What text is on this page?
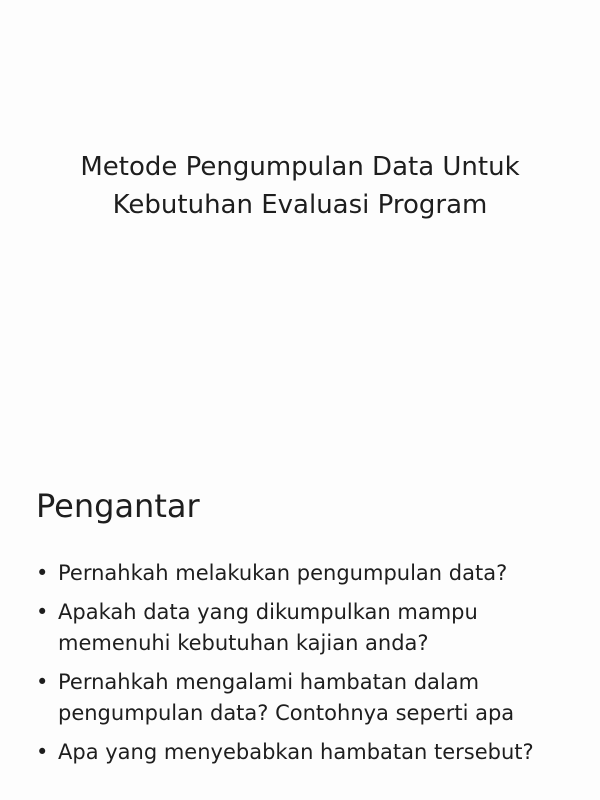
Metode Pengumpulan Data Untuk
Kebutuhan Evaluasi Program
Pengantar
• Pernahkah melakukan pengumpulan data?
• Apakah data yang dikumpulkan mampu
memenuhi kebutuhan kajian anda?
• Pernahkah mengalami hambatan dalam
pengumpulan data? Contohnya seperti apa
• Apa yang menyebabkan hambatan tersebut?
